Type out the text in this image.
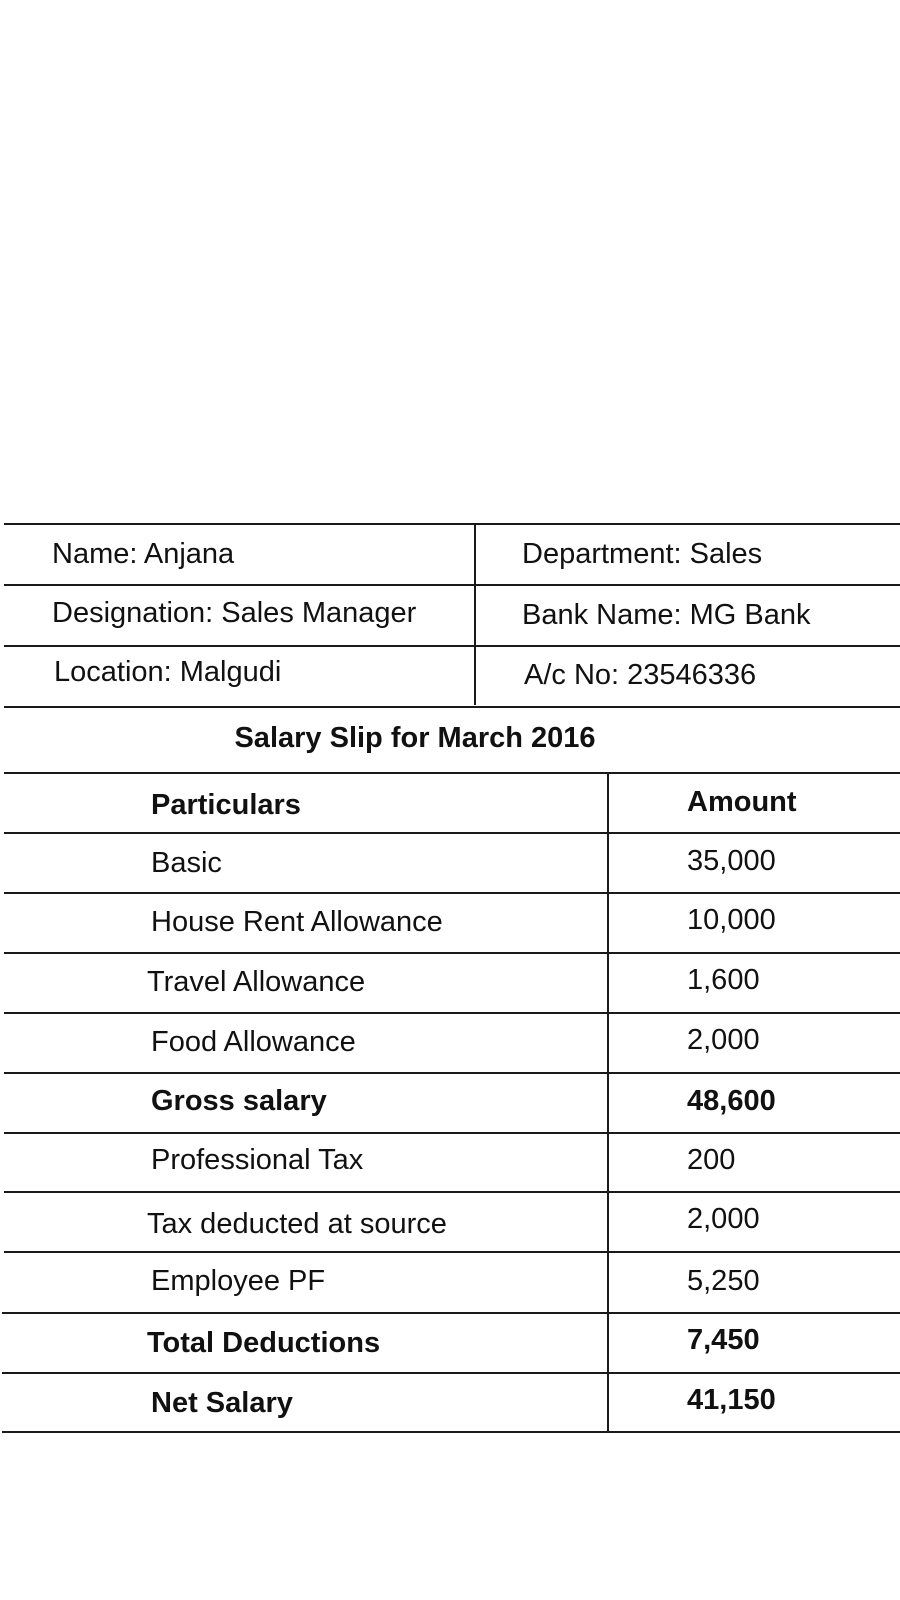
Name: Anjana	Department: Sales
Designation: Sales Manager	Bank Name: MG Bank
Location: Malgudi	A/c No: 23546336
Salary Slip for March 2016
Particulars	Amount
Basic	35,000
House Rent Allowance	10,000
Travel Allowance	1,600
Food Allowance	2,000
Gross salary	48,600
Professional Tax	200
Tax deducted at source	2,000
Employee PF	5,250
Total Deductions	7,450
Net Salary	41,150
